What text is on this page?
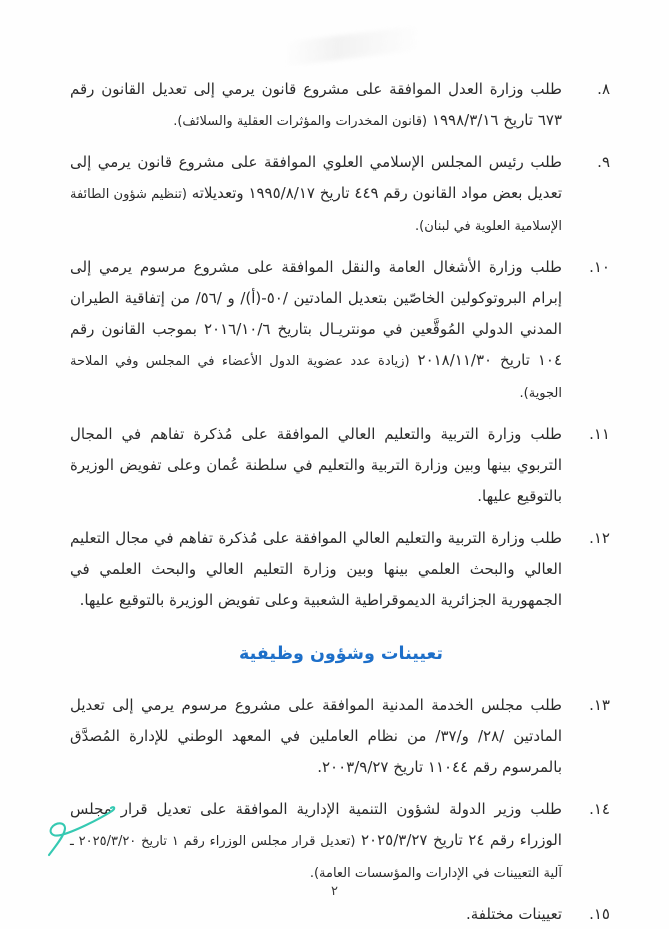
٨.
طلب وزارة العدل الموافقة على مشروع قانون يرمي إلى تعديل القانون رقم ٦٧٣ تاريخ ١٩٩٨/٣/١٦ (قانون المخدرات والمؤثرات العقلية والسلائف).
٩.
طلب رئيس المجلس الإسلامي العلوي الموافقة على مشروع قانون يرمي إلى تعديل بعض مواد القانون رقم ٤٤٩ تاريخ ١٩٩٥/٨/١٧ وتعديلاته (تنظيم شؤون الطائفة الإسلامية العلوية في لبنان).
١٠.
طلب وزارة الأشغال العامة والنقل الموافقة على مشروع مرسوم يرمي إلى إبرام البروتوكولين الخاصّين بتعديل المادتين /٥٠-(أ)/ و /٥٦/ من إتفاقية الطيران المدني الدولي المُوقَّعين في مونتريـال بتاريخ ٢٠١٦/١٠/٦ بموجب القانون رقم ١٠٤ تاريخ ٢٠١٨/١١/٣٠ (زيادة عدد عضوية الدول الأعضاء في المجلس وفي الملاحة الجوية).
١١.
طلب وزارة التربية والتعليم العالي الموافقة على مُذكرة تفاهم في المجال التربوي بينها وبين وزارة التربية والتعليم في سلطنة عُمان وعلى تفويض الوزيرة بالتوقيع عليها.
١٢.
طلب وزارة التربية والتعليم العالي الموافقة على مُذكرة تفاهم في مجال التعليم العالي والبحث العلمي بينها وبين وزارة التعليم العالي والبحث العلمي في الجمهورية الجزائرية الديموقراطية الشعبية وعلى تفويض الوزيرة بالتوقيع عليها.
تعيينات وشؤون وظيفية
١٣.
طلب مجلس الخدمة المدنية الموافقة على مشروع مرسوم يرمي إلى تعديل المادتين /٢٨/ و/٣٧/ من نظام العاملين في المعهد الوطني للإدارة المُصدَّق بالمرسوم رقم ١١٠٤٤ تاريخ ٢٠٠٣/٩/٢٧.
١٤.
طلب وزير الدولة لشؤون التنمية الإدارية الموافقة على تعديل قرار مجلس الوزراء رقم ٢٤ تاريخ ٢٠٢٥/٣/٢٧ (تعديل قرار مجلس الوزراء رقم ١ تاريخ ٢٠٢٥/٣/٢٠ ـ آلية التعيينات في الإدارات والمؤسسات العامة).
١٥.
تعيينات مختلفة.
٢
